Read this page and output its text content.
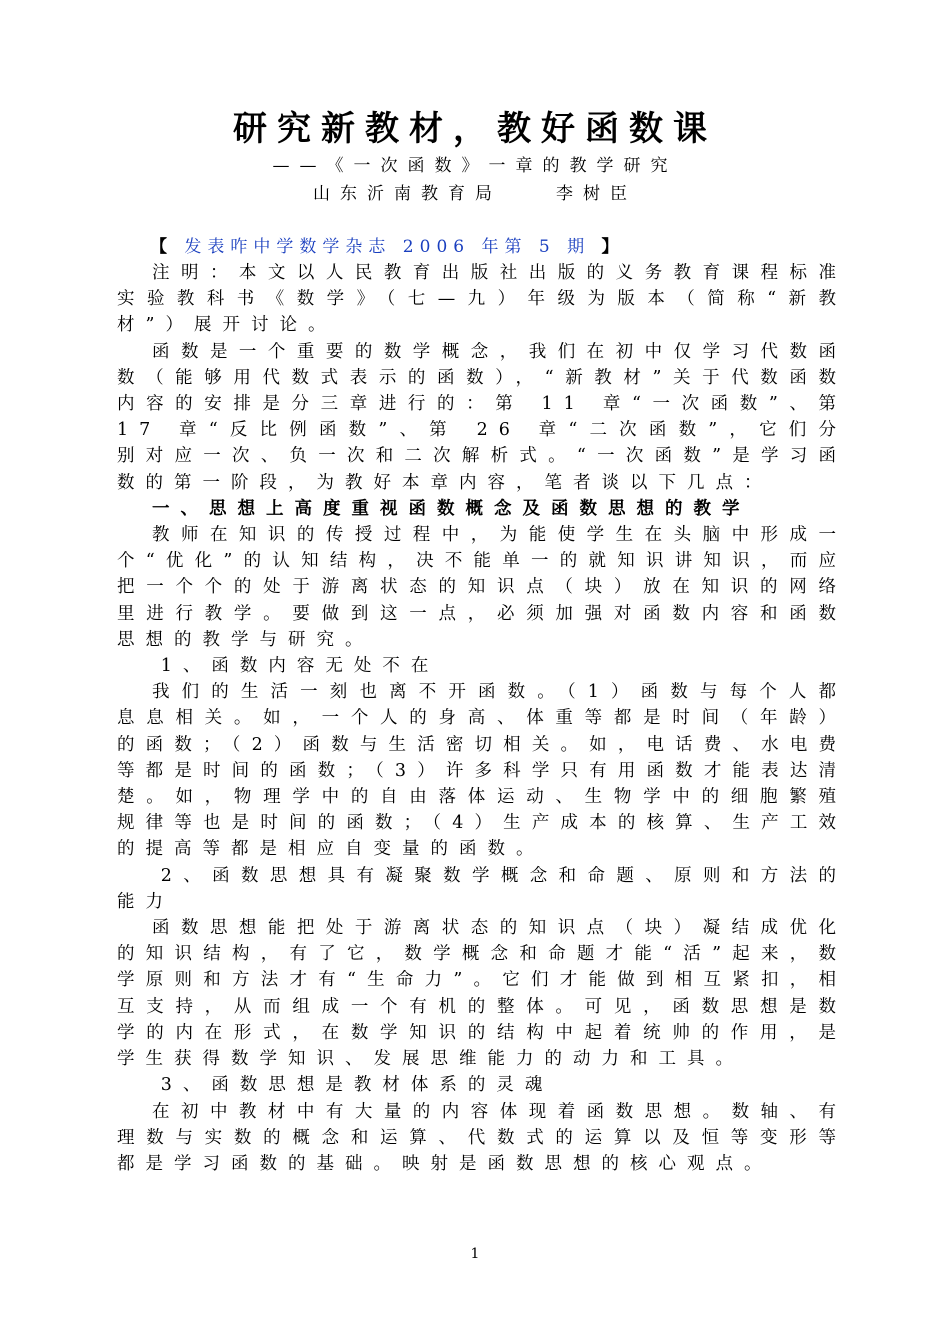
研究新教材，教好函数课
——《一次函数》一章的教学研究
山东沂南教育局　　李树臣
【 发表咋中学数学杂志 2006 年第 5 期 】

注明：本文以人民教育出版社出版的义务教育课程标准实验教科书《数学》（七—九）年级为版本（简称“新教材”）展开讨论。

函数是一个重要的数学概念，我们在初中仅学习代数函数（能够用代数式表示的函数），“新教材”关于代数函数内容的安排是分三章进行的：第 11 章“一次函数”、第 17 章“反比例函数”、第 26 章“二次函数”，它们分别对应一次、负一次和二次解析式。“一次函数”是学习函数的第一阶段，为教好本章内容，笔者谈以下几点：

一、思想上高度重视函数概念及函数思想的教学

教师在知识的传授过程中，为能使学生在头脑中形成一个“优化”的认知结构，决不能单一的就知识讲知识，而应把一个个的处于游离状态的知识点（块）放在知识的网络里进行教学。要做到这一点，必须加强对函数内容和函数思想的教学与研究。

1、函数内容无处不在

我们的生活一刻也离不开函数。（1）函数与每个人都息息相关。如，一个人的身高、体重等都是时间（年龄）的函数；（2）函数与生活密切相关。如，电话费、水电费等都是时间的函数；（3）许多科学只有用函数才能表达清楚。如，物理学中的自由落体运动、生物学中的细胞繁殖规律等也是时间的函数；（4）生产成本的核算、生产工效的提高等都是相应自变量的函数。

2、函数思想具有凝聚数学概念和命题、原则和方法的能力

函数思想能把处于游离状态的知识点（块）凝结成优化的知识结构，有了它，数学概念和命题才能“活”起来，数学原则和方法才有“生命力”。它们才能做到相互紧扣，相互支持，从而组成一个有机的整体。可见，函数思想是数学的内在形式，在数学知识的结构中起着统帅的作用，是学生获得数学知识、发展思维能力的动力和工具。

3、函数思想是教材体系的灵魂

在初中教材中有大量的内容体现着函数思想。数轴、有理数与实数的概念和运算、代数式的运算以及恒等变形等都是学习函数的基础。映射是函数思想的核心观点。

1
